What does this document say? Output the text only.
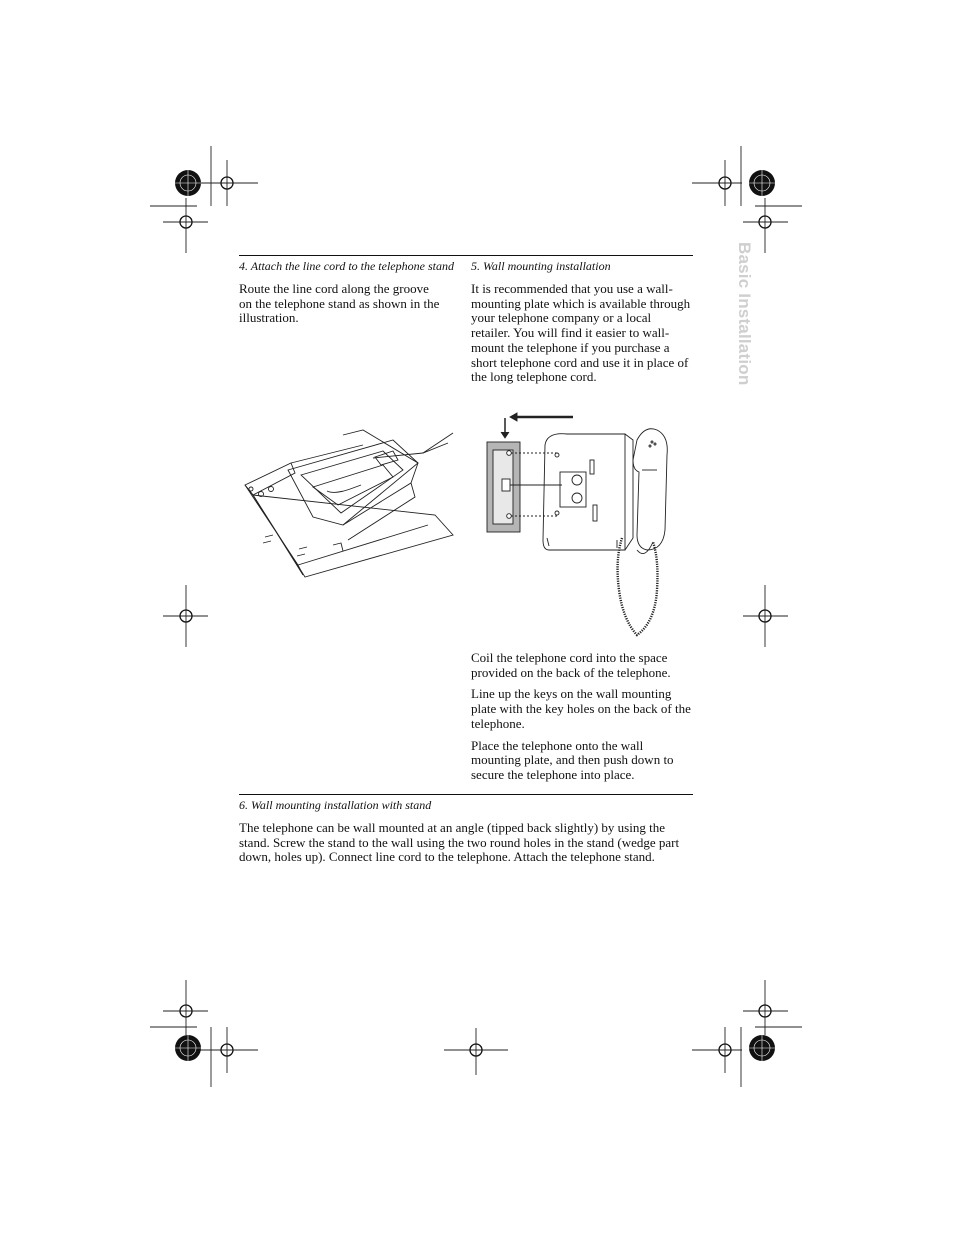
Basic Installation
4. Attach the line cord to the telephone stand

Route the line cord along the groove on the telephone stand as shown in the illustration.

5. Wall mounting installation

It is recommended that you use a wall-mounting plate which is available through your telephone company or a local retailer. You will find it easier to wall-mount the telephone if you purchase a short telephone cord and use it in place of the long telephone cord.

Coil the telephone cord into the space provided on the back of the telephone.

Line up the keys on the wall mounting plate with the key holes on the back of the telephone.

Place the telephone onto the wall mounting plate, and then push down to secure the telephone into place.

6. Wall mounting installation with stand

The telephone can be wall mounted at an angle (tipped back slightly) by using the stand. Screw the stand to the wall using the two round holes in the stand (wedge part down, holes up). Connect line cord to the telephone. Attach the telephone stand.
